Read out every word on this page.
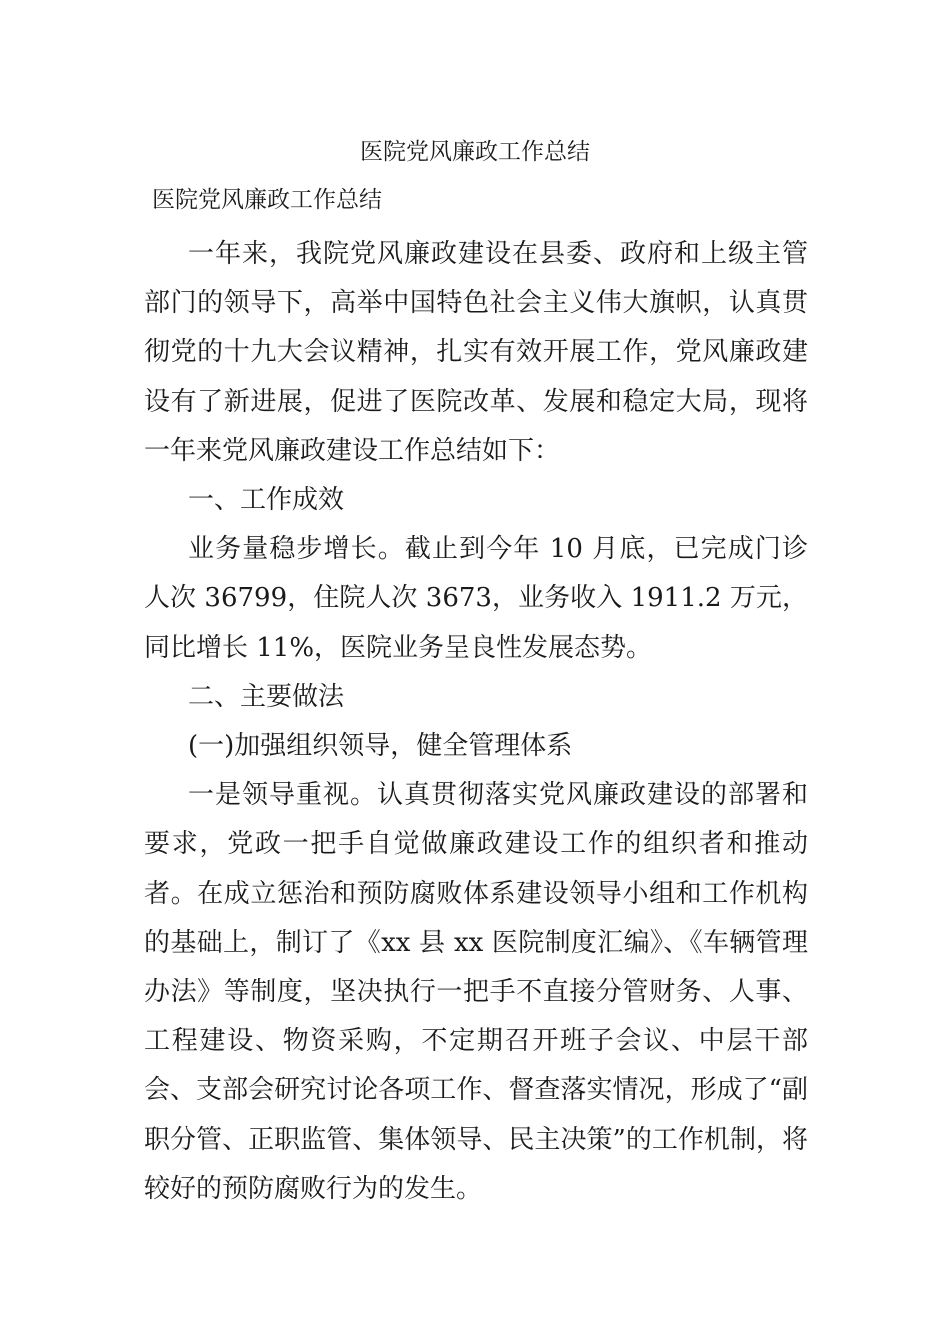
医院党风廉政工作总结
医院党风廉政工作总结

一年来，我院党风廉政建设在县委、政府和上级主管部门的领导下，高举中国特色社会主义伟大旗帜，认真贯彻党的十九大会议精神，扎实有效开展工作，党风廉政建设有了新进展，促进了医院改革、发展和稳定大局，现将一年来党风廉政建设工作总结如下：

一、工作成效

业务量稳步增长。截止到今年 10 月底，已完成门诊人次 36799，住院人次 3673，业务收入 1911.2 万元，同比增长 11%，医院业务呈良性发展态势。

二、主要做法

(一)加强组织领导，健全管理体系

一是领导重视。认真贯彻落实党风廉政建设的部署和要求，党政一把手自觉做廉政建设工作的组织者和推动者。在成立惩治和预防腐败体系建设领导小组和工作机构的基础上，制订了《xx 县 xx 医院制度汇编》、《车辆管理办法》等制度，坚决执行一把手不直接分管财务、人事、工程建设、物资采购，不定期召开班子会议、中层干部会、支部会研究讨论各项工作、督查落实情况，形成了“副职分管、正职监管、集体领导、民主决策”的工作机制，将较好的预防腐败行为的发生。
